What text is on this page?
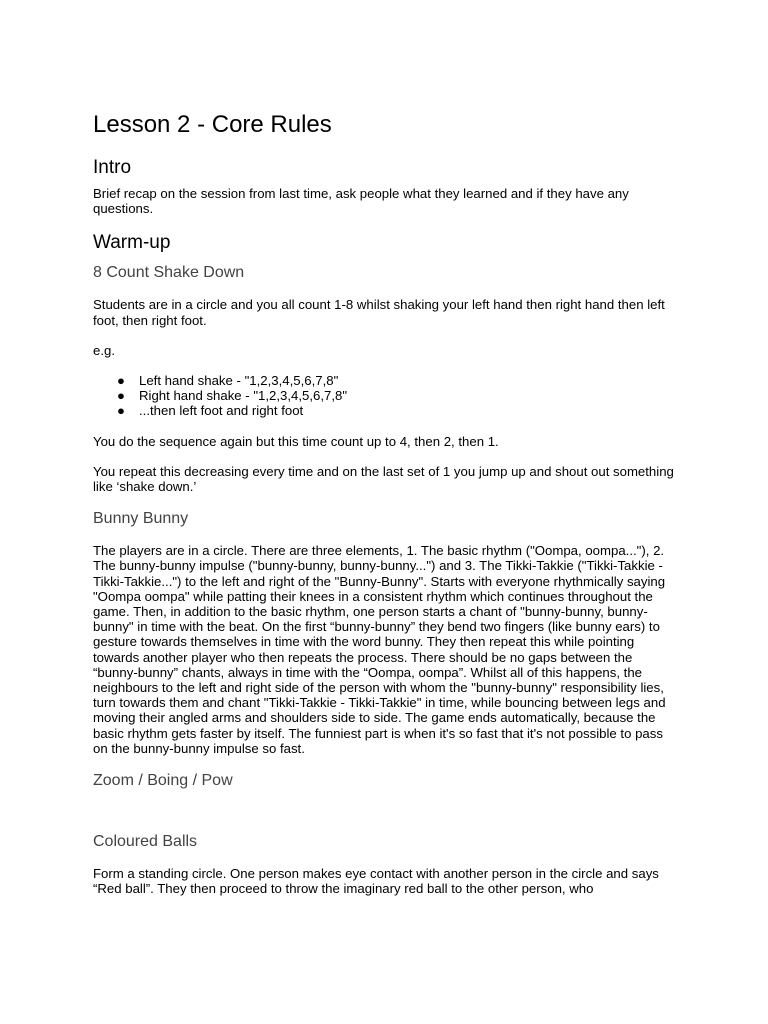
Lesson 2 - Core Rules
Intro

Brief recap on the session from last time, ask people what they learned and if they have any questions.

Warm-up
8 Count Shake Down

Students are in a circle and you all count 1-8 whilst shaking your left hand then right hand then left foot, then right foot.

e.g.

● Left hand shake - "1,2,3,4,5,6,7,8"
● Right hand shake - "1,2,3,4,5,6,7,8"
● ...then left foot and right foot

You do the sequence again but this time count up to 4, then 2, then 1.

You repeat this decreasing every time and on the last set of 1 you jump up and shout out something like ‘shake down.’

Bunny Bunny

The players are in a circle. There are three elements, 1. The basic rhythm ("Oompa, oompa..."), 2. The bunny-bunny impulse ("bunny-bunny, bunny-bunny...") and 3. The Tikki-Takkie ("Tikki-Takkie - Tikki-Takkie...") to the left and right of the "Bunny-Bunny". Starts with everyone rhythmically saying "Oompa oompa" while patting their knees in a consistent rhythm which continues throughout the game. Then, in addition to the basic rhythm, one person starts a chant of "bunny-bunny, bunny-bunny" in time with the beat. On the first “bunny-bunny” they bend two fingers (like bunny ears) to gesture towards themselves in time with the word bunny. They then repeat this while pointing towards another player who then repeats the process. There should be no gaps between the “bunny-bunny” chants, always in time with the “Oompa, oompa”. Whilst all of this happens, the neighbours to the left and right side of the person with whom the "bunny-bunny" responsibility lies, turn towards them and chant "Tikki-Takkie - Tikki-Takkie" in time, while bouncing between legs and moving their angled arms and shoulders side to side. The game ends automatically, because the basic rhythm gets faster by itself. The funniest part is when it's so fast that it's not possible to pass on the bunny-bunny impulse so fast.

Zoom / Boing / Pow
Coloured Balls

Form a standing circle. One person makes eye contact with another person in the circle and says “Red ball”. They then proceed to throw the imaginary red ball to the other person, who
